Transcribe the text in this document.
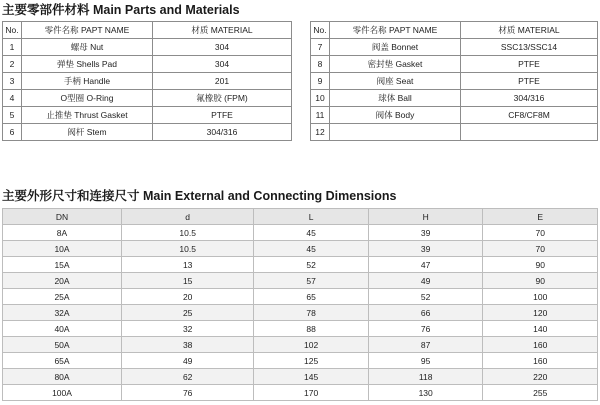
主要零部件材料 Main Parts and Materials
No.	零件名称 PAPT NAME	材质 MATERIAL
1	螺母 Nut	304
2	弹垫 Shells Pad	304
3	手柄 Handle	201
4	O型圈 O-Ring	氟橡胶 (FPM)
5	止推垫 Thrust Gasket	PTFE
6	阀杆 Stem	304/316
No.	零件名称 PAPT NAME	材质 MATERIAL
7	阀盖 Bonnet	SSC13/SSC14
8	密封垫 Gasket	PTFE
9	阀座 Seat	PTFE
10	球体 Ball	304/316
11	阀体 Body	CF8/CF8M
12		
主要外形尺寸和连接尺寸 Main External and Connecting Dimensions
DN	d	L	H	E
8A	10.5	45	39	70
10A	10.5	45	39	70
15A	13	52	47	90
20A	15	57	49	90
25A	20	65	52	100
32A	25	78	66	120
40A	32	88	76	140
50A	38	102	87	160
65A	49	125	95	160
80A	62	145	118	220
100A	76	170	130	255
